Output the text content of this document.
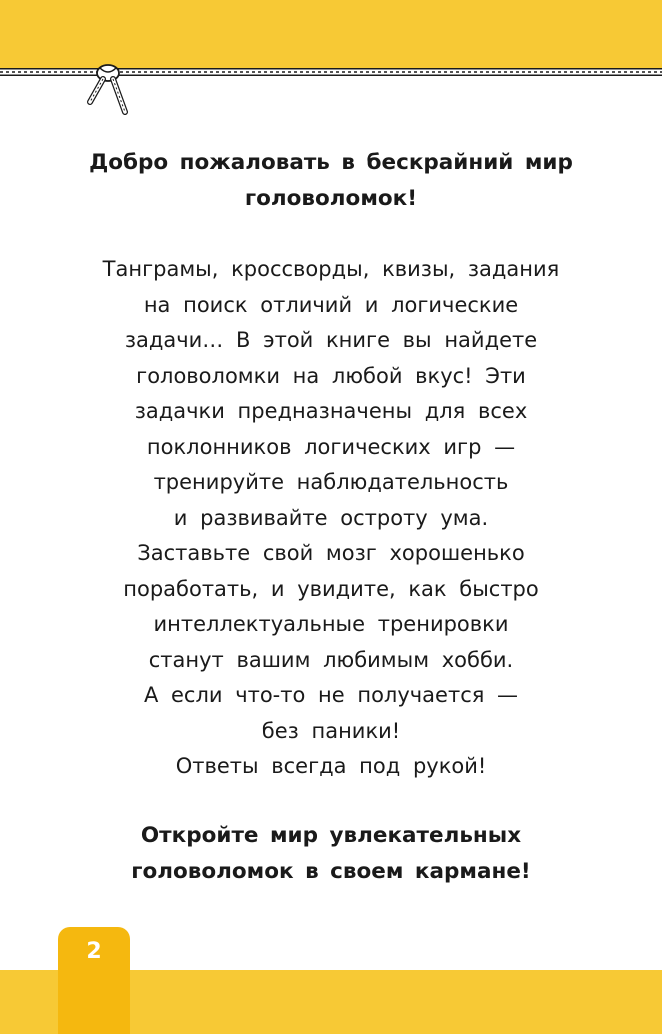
Добро пожаловать в бескрайний мир
головоломок!
Танграмы, кроссворды, квизы, задания
на поиск отличий и логические
задачи… В этой книге вы найдете
головоломки на любой вкус! Эти
задачки предназначены для всех
поклонников логических игр —
тренируйте наблюдательность
и развивайте остроту ума.
Заставьте свой мозг хорошенько
поработать, и увидите, как быстро
интеллектуальные тренировки
станут вашим любимым хобби.
А если что-то не получается —
без паники!
Ответы всегда под рукой!
Откройте мир увлекательных
головоломок в своем кармане!
2
